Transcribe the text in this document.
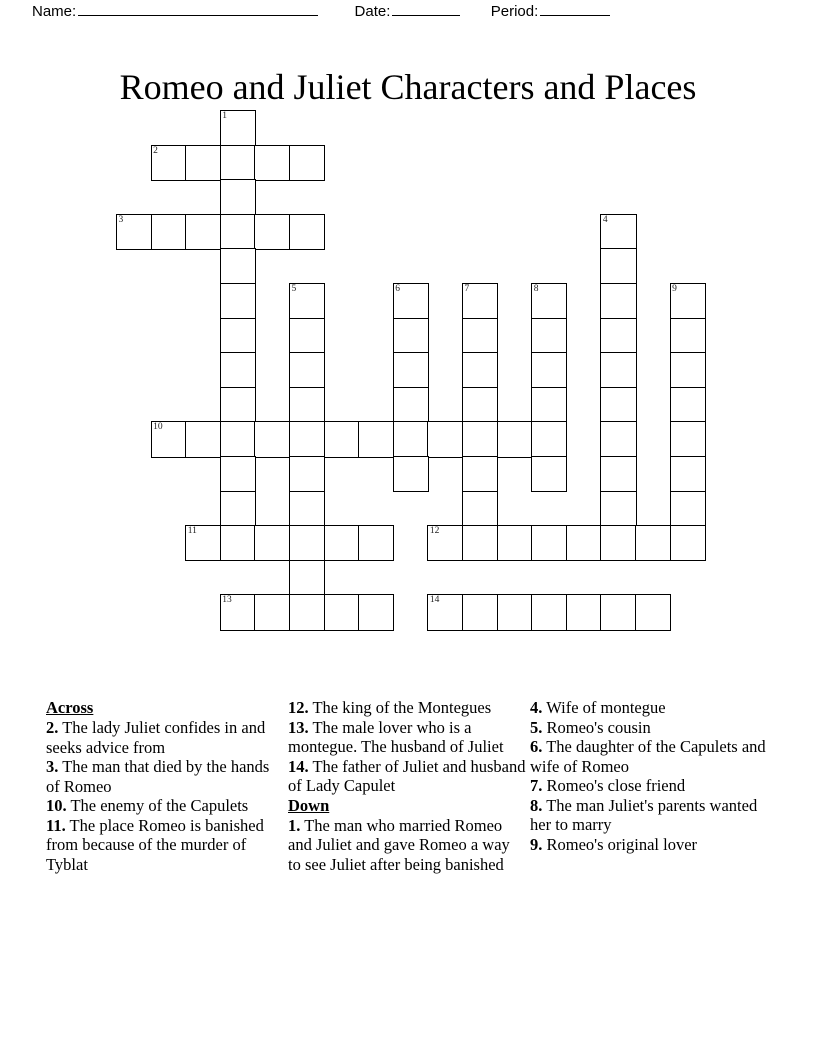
Name:	Date:	Period:
Romeo and Juliet Characters and Places
1
2
3	4
5	6	7	8	9
10
11	12
13	14
Across
2. The lady Juliet confides in and seeks advice from
3. The man that died by the hands of Romeo
10. The enemy of the Capulets
11. The place Romeo is banished from because of the murder of Tyblat
12. The king of the Montegues
13. The male lover who is a montegue. The husband of Juliet
14. The father of Juliet and husband of Lady Capulet
Down
1. The man who married Romeo and Juliet and gave Romeo a way to see Juliet after being banished
4. Wife of montegue
5. Romeo's cousin
6. The daughter of the Capulets and wife of Romeo
7. Romeo's close friend
8. The man Juliet's parents wanted her to marry
9. Romeo's original lover
